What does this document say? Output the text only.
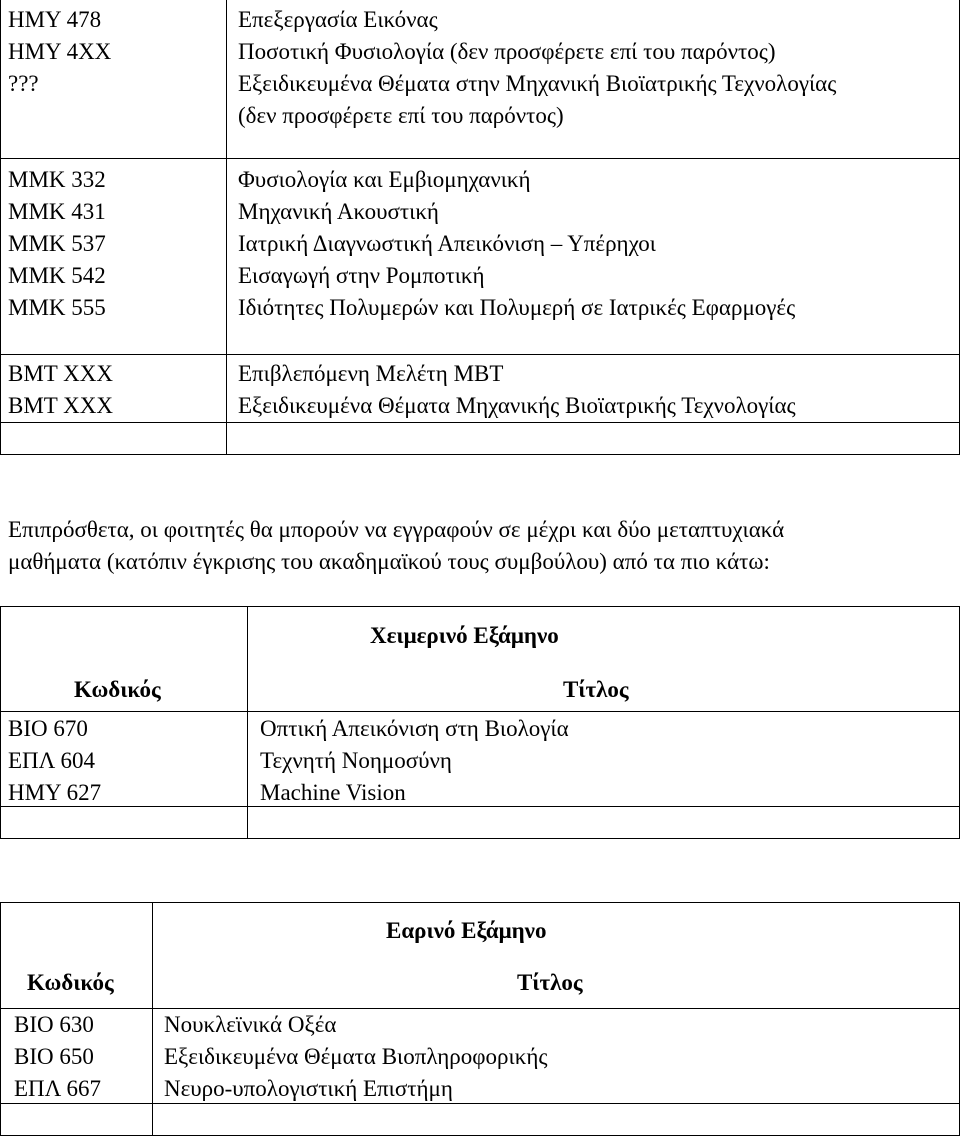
ΗΜΥ 478
ΗΜΥ 4ΧΧ
???
Επεξεργασία Εικόνας
Ποσοτική Φυσιολογία (δεν προσφέρετε επί του παρόντος)
Εξειδικευμένα Θέματα στην Μηχανική Βιοϊατρικής Τεχνολογίας
(δεν προσφέρετε επί του παρόντος)
ΜΜΚ 332
ΜΜΚ 431
ΜΜΚ 537
ΜΜΚ 542
ΜΜΚ 555
Φυσιολογία και Εμβιομηχανική
Μηχανική Ακουστική
Ιατρική Διαγνωστική Απεικόνιση – Υπέρηχοι
Εισαγωγή στην Ρομποτική
Ιδιότητες Πολυμερών και Πολυμερή σε Ιατρικές Εφαρμογές
ΒΜΤ ΧΧΧ
ΒΜΤ ΧΧΧ
Επιβλεπόμενη Μελέτη ΜΒΤ
Εξειδικευμένα Θέματα Μηχανικής Βιοϊατρικής Τεχνολογίας
Επιπρόσθετα, οι φοιτητές θα μπορούν να εγγραφούν σε μέχρι και δύο μεταπτυχιακά
μαθήματα (κατόπιν έγκρισης του ακαδημαϊκού τους συμβούλου) από τα πιο κάτω:
Χειμερινό Εξάμηνο
Κωδικός	Τίτλος
ΒΙΟ 670
ΕΠΛ 604
ΗΜΥ 627
Οπτική Απεικόνιση στη Βιολογία
Τεχνητή Νοημοσύνη
Machine Vision
Εαρινό Εξάμηνο
Κωδικός	Τίτλος
ΒΙΟ 630
ΒΙΟ 650
ΕΠΛ 667
Νουκλεϊνικά Οξέα
Εξειδικευμένα Θέματα Βιοπληροφορικής
Νευρο-υπολογιστική Επιστήμη
